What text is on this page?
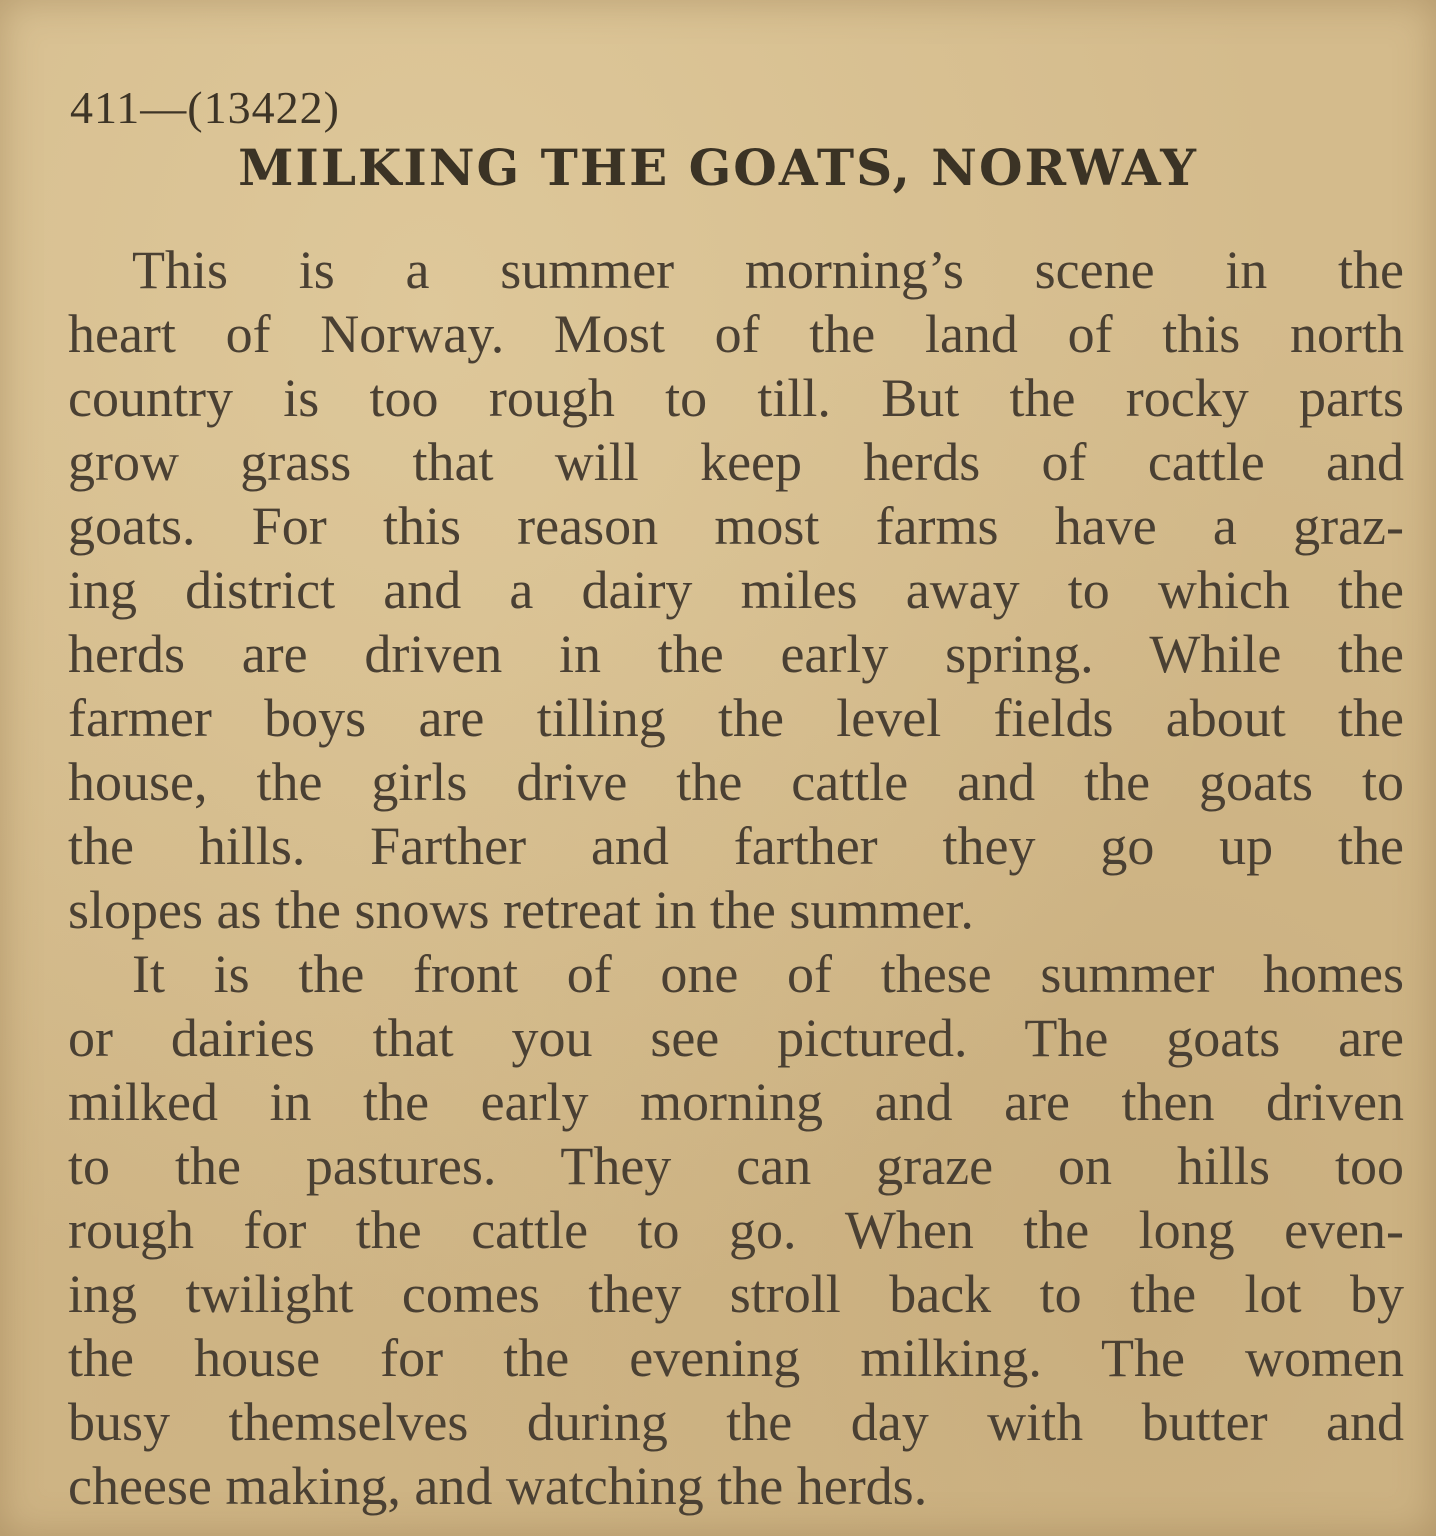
411—(13422)

MILKING THE GOATS, NORWAY

This is a summer morning’s scene in the
heart of Norway. Most of the land of this north
country is too rough to till. But the rocky parts
grow grass that will keep herds of cattle and
goats. For this reason most farms have a graz-
ing district and a dairy miles away to which the
herds are driven in the early spring. While the
farmer boys are tilling the level fields about the
house, the girls drive the cattle and the goats to
the hills. Farther and farther they go up the
slopes as the snows retreat in the summer.

It is the front of one of these summer homes
or dairies that you see pictured. The goats are
milked in the early morning and are then driven
to the pastures. They can graze on hills too
rough for the cattle to go. When the long even-
ing twilight comes they stroll back to the lot by
the house for the evening milking. The women
busy themselves during the day with butter and
cheese making, and watching the herds.
